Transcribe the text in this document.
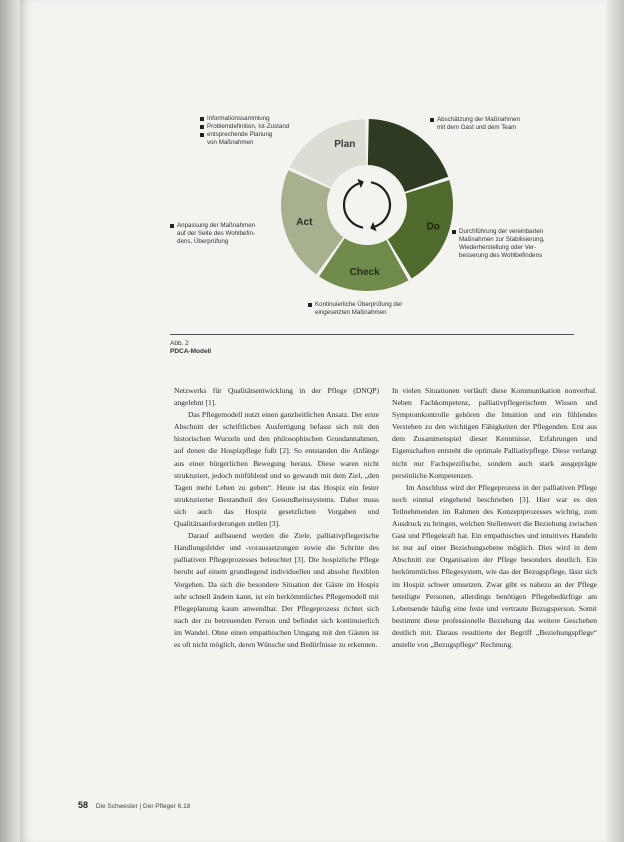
Plan
Do
Check
Act
Informationssammlung
Problemdefinition, Ist-Zustand
entsprechende Planung
von Maßnahmen
Abschätzung der Maßnahmen
mit dem Gast und dem Team
Durchführung der vereinbarten
Maßnahmen zur Stabilisierung,
Wiederherstellung oder Ver-
besserung des Wohlbefindens
Kontinuierliche Überprüfung der
eingesetzten Maßnahmen
Anpassung der Maßnahmen
auf der Seite des Wohlbefin-
dens, Überprüfung
Abb. 2
PDCA-Modell

Netzwerks für Qualitätsentwicklung in der Pflege (DNQP) angelehnt [1].

Das Pflegemodell nutzt einen ganzheitlichen Ansatz. Der erste Abschnitt der schriftlichen Ausfertigung befasst sich mit den historischen Wurzeln und den philosophischen Grundannahmen, auf denen die Hospizpflege fußt [2]. So entstanden die Anfänge aus einer bürgerlichen Bewegung heraus. Diese waren nicht strukturiert, jedoch mitfühlend und so gewandt mit dem Ziel, „den Tagen mehr Leben zu geben“. Heute ist das Hospiz ein fester strukturierter Bestandteil des Gesundheitssystems. Daher muss sich auch das Hospiz gesetzlichen Vorgaben und Qualitätsanforderungen stellen [3].

Darauf aufbauend werden die Ziele, palliativpflegerische Handlungsfelder und -voraussetzungen sowie die Schritte des palliativen Pflegeprozesses beleuchtet [3]. Die hospizliche Pflege beruht auf einem grundlegend individuellen und absolut flexiblen Vorgehen. Da sich die besondere Situation der Gäste im Hospiz sehr schnell ändern kann, ist ein herkömmliches Pflegemodell mit Pflegeplanung kaum anwendbar. Der Pflegeprozess richtet sich nach der zu betreuenden Person und befindet sich kontinuierlich im Wandel. Ohne einen empathischen Umgang mit den Gästen ist es oft nicht möglich, deren Wünsche und Bedürfnisse zu erkennen.

In vielen Situationen verläuft diese Kommunikation nonverbal. Neben Fachkompetenz, palliativpflegerischem Wissen und Symptomkontrolle gehören die Intuition und ein fühlendes Verstehen zu den wichtigen Fähigkeiten der Pflegenden. Erst aus dem Zusammenspiel dieser Kenntnisse, Erfahrungen und Eigenschaften entsteht die optimale Palliativpflege. Diese verlangt nicht nur Fachspezifische, sondern auch stark ausgeprägte persönliche Kompetenzen.

Im Anschluss wird der Pflegeprozess in der palliativen Pflege noch einmal eingehend beschrieben [3]. Hier war es den Teilnehmenden im Rahmen des Konzeptprozesses wichtig, zum Ausdruck zu bringen, welchen Stellenwert die Beziehung zwischen Gast und Pflegekraft hat. Ein empathisches und intuitives Handeln ist nur auf einer Beziehungsebene möglich. Dies wird in dem Abschnitt zur Organisation der Pflege besonders deutlich. Ein herkömmliches Pflegesystem, wie das der Bezugspflege, lässt sich im Hospiz schwer umsetzen. Zwar gibt es nahezu an der Pflege beteiligte Personen, allerdings benötigen Pflegebedürftige am Lebensende häufig eine feste und vertraute Bezugsperson. Somit bestimmt diese professionelle Beziehung das weitere Geschehen deutlich mit. Daraus resultierte der Begriff „Beziehungspflege“ anstelle von „Bezugspflege“ Rechnung.

58 Die Schwester | Der Pfleger 6.18
